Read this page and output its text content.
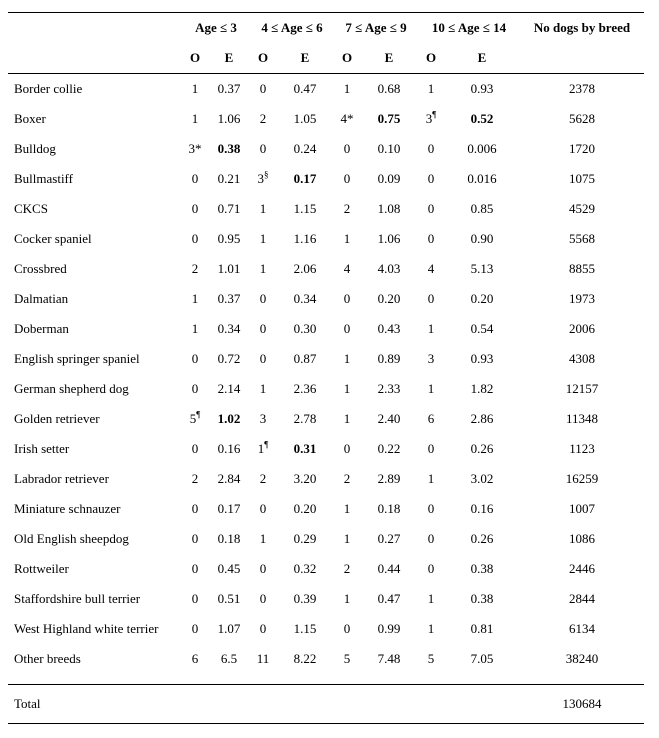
	Age ≤ 3		4 ≤ Age ≤ 6		7 ≤ Age ≤ 9		10 ≤ Age ≤ 14		No dogs by breed
	O	E	O	E	O	E	O	E	
Border collie	1	0.37	0	0.47	1	0.68	1	0.93	2378
Boxer	1	1.06	2	1.05	4*	0.75	3¶	0.52	5628
Bulldog	3*	0.38	0	0.24	0	0.10	0	0.006	1720
Bullmastiff	0	0.21	3§	0.17	0	0.09	0	0.016	1075
CKCS	0	0.71	1	1.15	2	1.08	0	0.85	4529
Cocker spaniel	0	0.95	1	1.16	1	1.06	0	0.90	5568
Crossbred	2	1.01	1	2.06	4	4.03	4	5.13	8855
Dalmatian	1	0.37	0	0.34	0	0.20	0	0.20	1973
Doberman	1	0.34	0	0.30	0	0.43	1	0.54	2006
English springer spaniel	0	0.72	0	0.87	1	0.89	3	0.93	4308
German shepherd dog	0	2.14	1	2.36	1	2.33	1	1.82	12157
Golden retriever	5¶	1.02	3	2.78	1	2.40	6	2.86	11348
Irish setter	0	0.16	1¶	0.31	0	0.22	0	0.26	1123
Labrador retriever	2	2.84	2	3.20	2	2.89	1	3.02	16259
Miniature schnauzer	0	0.17	0	0.20	1	0.18	0	0.16	1007
Old English sheepdog	0	0.18	1	0.29	1	0.27	0	0.26	1086
Rottweiler	0	0.45	0	0.32	2	0.44	0	0.38	2446
Staffordshire bull terrier	0	0.51	0	0.39	1	0.47	1	0.38	2844
West Highland white terrier	0	1.07	0	1.15	0	0.99	1	0.81	6134
Other breeds	6	6.5	11	8.22	5	7.48	5	7.05	38240

Total									130684
